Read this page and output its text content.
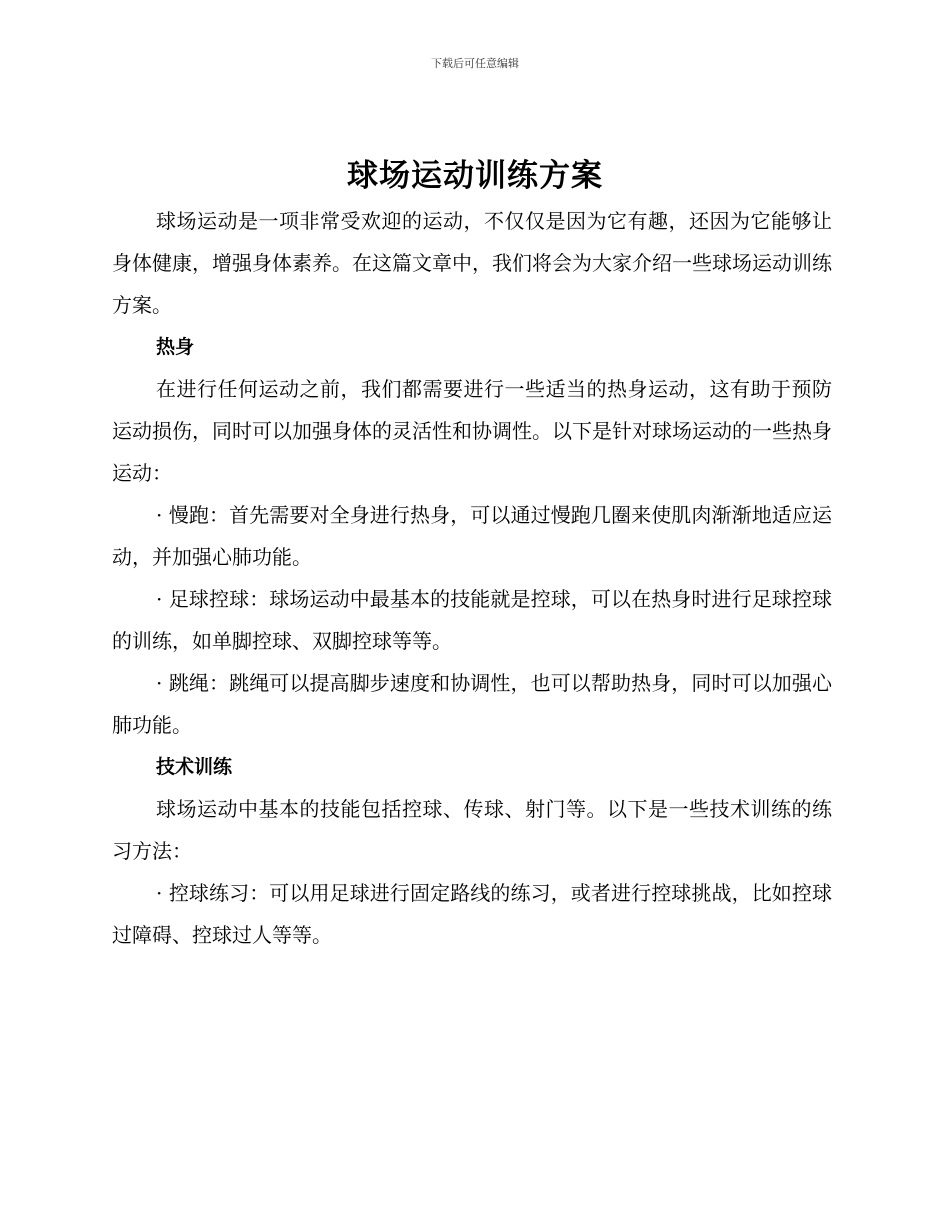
下载后可任意编辑
球场运动训练方案

球场运动是一项非常受欢迎的运动，不仅仅是因为它有趣，还因为它能够让身体健康，增强身体素养。在这篇文章中，我们将会为大家介绍一些球场运动训练方案。

热身

在进行任何运动之前，我们都需要进行一些适当的热身运动，这有助于预防运动损伤，同时可以加强身体的灵活性和协调性。以下是针对球场运动的一些热身运动：

· 慢跑：首先需要对全身进行热身，可以通过慢跑几圈来使肌肉渐渐地适应运动，并加强心肺功能。

· 足球控球：球场运动中最基本的技能就是控球，可以在热身时进行足球控球的训练，如单脚控球、双脚控球等等。

· 跳绳：跳绳可以提高脚步速度和协调性，也可以帮助热身，同时可以加强心肺功能。

技术训练

球场运动中基本的技能包括控球、传球、射门等。以下是一些技术训练的练习方法：

· 控球练习：可以用足球进行固定路线的练习，或者进行控球挑战，比如控球过障碍、控球过人等等。
